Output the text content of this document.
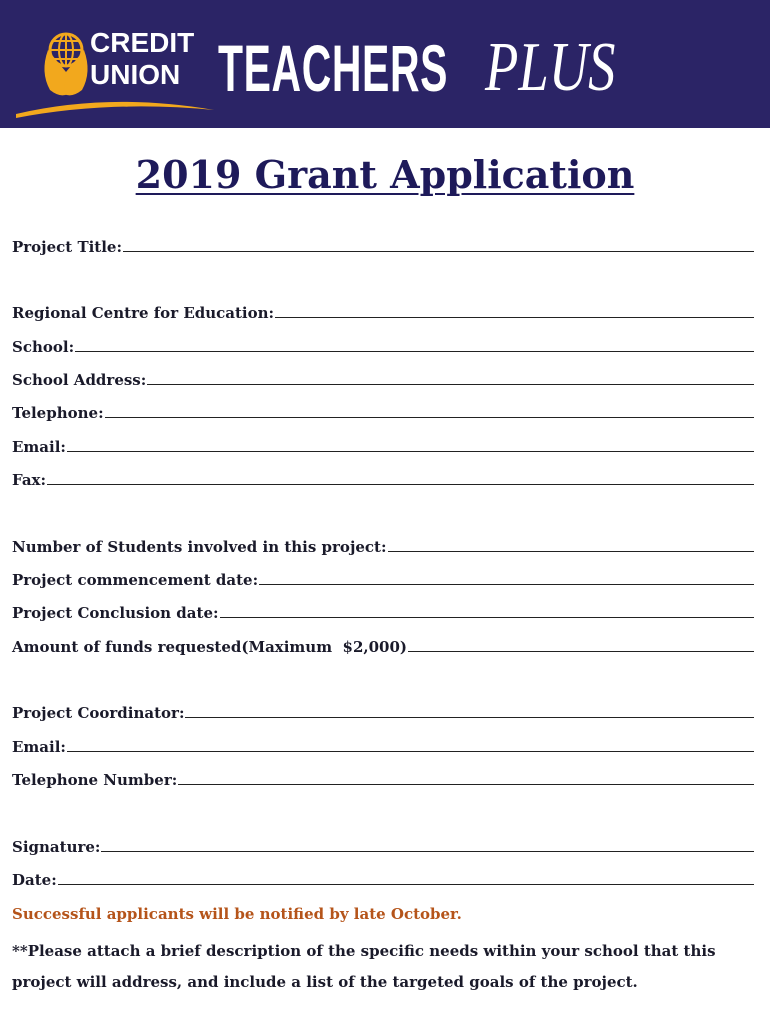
CREDIT
UNION TEACHERS PLUS
2019 Grant Application
Project Title:
Regional Centre for Education:
School:
School Address:
Telephone:
Email:
Fax:
Number of Students involved in this project:
Project commencement date:
Project Conclusion date:
Amount of funds requested(Maximum  $2,000)
Project Coordinator:
Email:
Telephone Number:
Signature:
Date:
Successful applicants will be notified by late October.
**Please attach a brief description of the specific needs within your school that this project will address, and include a list of the targeted goals of the project.
